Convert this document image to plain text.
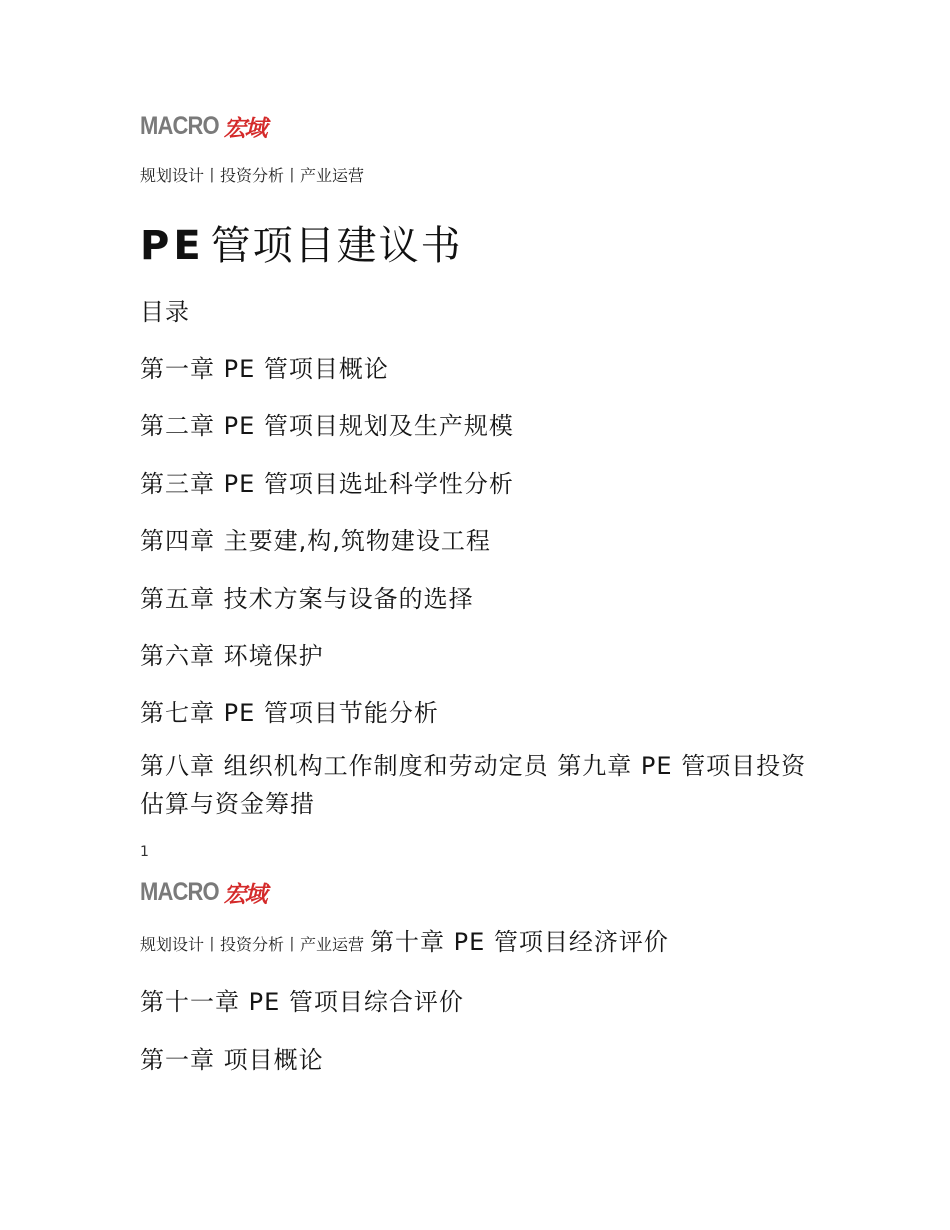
MACRO 宏域
规划设计丨投资分析丨产业运营
PE 管项目建议书
目录
第一章 PE 管项目概论
第二章 PE 管项目规划及生产规模
第三章 PE 管项目选址科学性分析
第四章 主要建,构,筑物建设工程
第五章 技术方案与设备的选择
第六章 环境保护
第七章 PE 管项目节能分析
第八章 组织机构工作制度和劳动定员 第九章 PE 管项目投资估算与资金筹措
1
MACRO 宏域
规划设计丨投资分析丨产业运营 第十章 PE 管项目经济评价
第十一章 PE 管项目综合评价
第一章 项目概论
